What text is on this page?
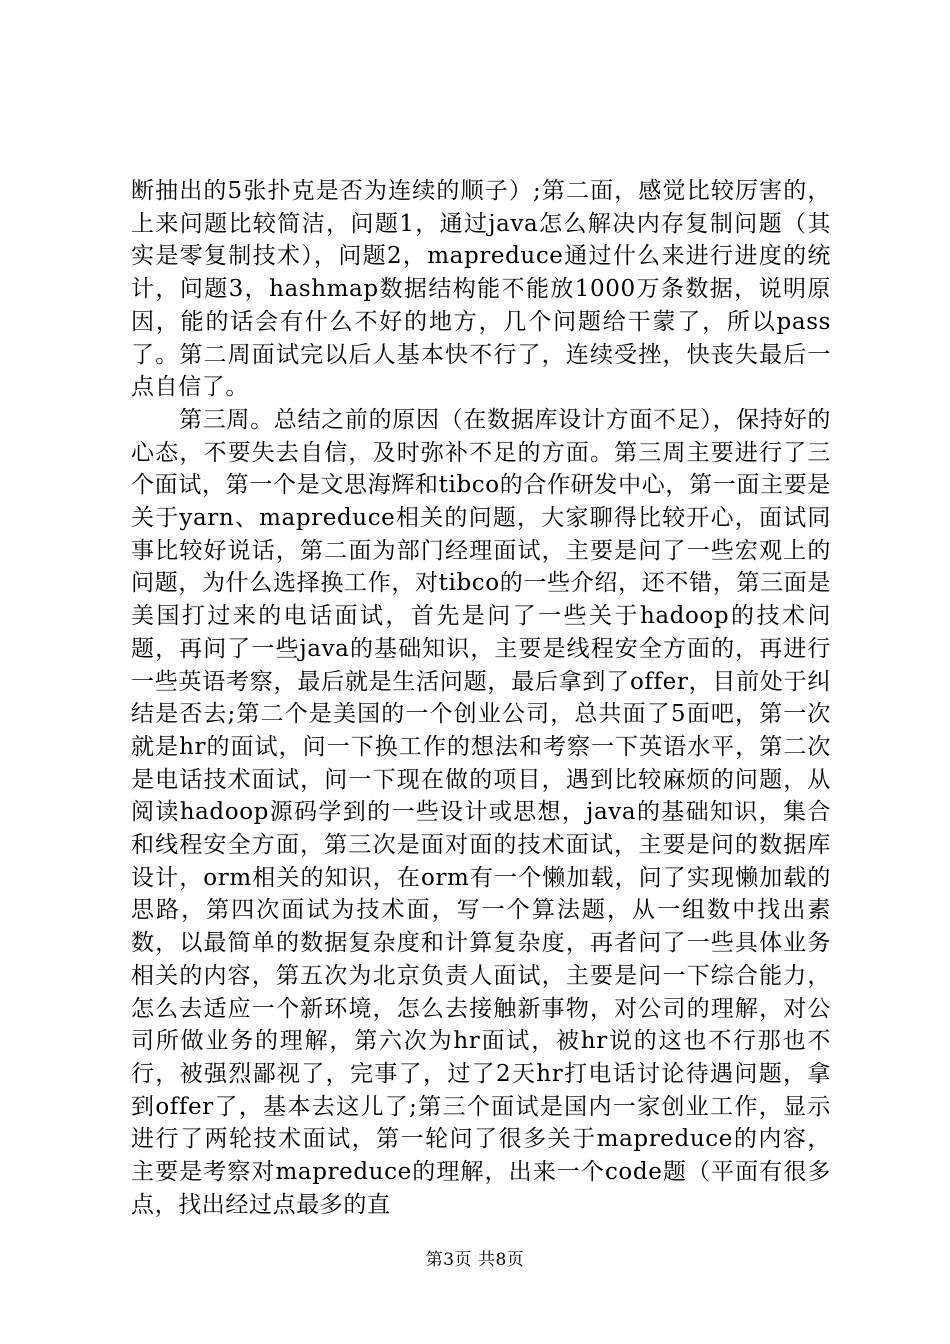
断抽出的5张扑克是否为连续的顺子）;第二面，感觉比较厉害的，上来问题比较简洁，问题1，通过java怎么解决内存复制问题（其实是零复制技术），问题2，mapreduce通过什么来进行进度的统计，问题3，hashmap数据结构能不能放1000万条数据，说明原因，能的话会有什么不好的地方，几个问题给干蒙了，所以pass了。第二周面试完以后人基本快不行了，连续受挫，快丧失最后一点自信了。

第三周。总结之前的原因（在数据库设计方面不足），保持好的心态，不要失去自信，及时弥补不足的方面。第三周主要进行了三个面试，第一个是文思海辉和tibco的合作研发中心，第一面主要是关于yarn、mapreduce相关的问题，大家聊得比较开心，面试同事比较好说话，第二面为部门经理面试，主要是问了一些宏观上的问题，为什么选择换工作，对tibco的一些介绍，还不错，第三面是美国打过来的电话面试，首先是问了一些关于hadoop的技术问题，再问了一些java的基础知识，主要是线程安全方面的，再进行一些英语考察，最后就是生活问题，最后拿到了offer，目前处于纠结是否去;第二个是美国的一个创业公司，总共面了5面吧，第一次就是hr的面试，问一下换工作的想法和考察一下英语水平，第二次是电话技术面试，问一下现在做的项目，遇到比较麻烦的问题，从阅读hadoop源码学到的一些设计或思想，java的基础知识，集合和线程安全方面，第三次是面对面的技术面试，主要是问的数据库设计，orm相关的知识，在orm有一个懒加载，问了实现懒加载的思路，第四次面试为技术面，写一个算法题，从一组数中找出素数，以最简单的数据复杂度和计算复杂度，再者问了一些具体业务相关的内容，第五次为北京负责人面试，主要是问一下综合能力，怎么去适应一个新环境，怎么去接触新事物，对公司的理解，对公司所做业务的理解，第六次为hr面试，被hr说的这也不行那也不行，被强烈鄙视了，完事了，过了2天hr打电话讨论待遇问题，拿到offer了，基本去这儿了;第三个面试是国内一家创业工作，显示进行了两轮技术面试，第一轮问了很多关于mapreduce的内容，主要是考察对mapreduce的理解，出来一个code题（平面有很多点，找出经过点最多的直

第3页 共8页
